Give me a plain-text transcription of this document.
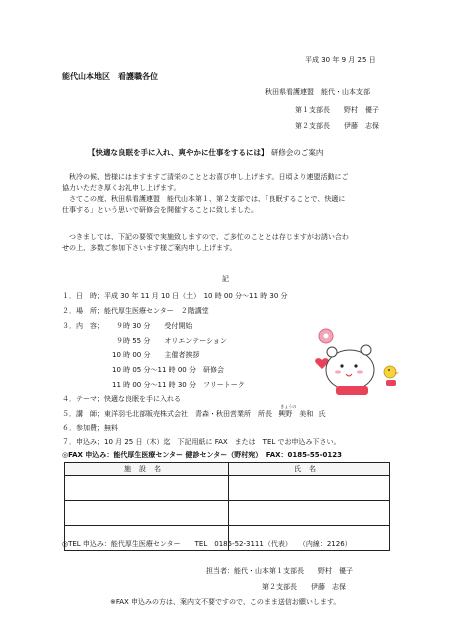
平成 30 年 9 月 25 日
能代山本地区　看護職各位
秋田県看護連盟　能代・山本支部
第１支部長　　野村　優子
第２支部長　　伊藤　志保
【快適な良眠を手に入れ、爽やかに仕事をするには】 研修会のご案内
秋冷の候、皆様にはますますご清栄のこととお喜び申し上げます。日頃より連盟活動にご
協力いただき厚くお礼申し上げます。
さてこの度、秋田県看護連盟　能代山本第１、第２支部では、「良眠することで、快適に
仕事する」という思いで研修会を開催することに致しました。
つきましては、下記の要領で実施致しますので、ご多忙のこととは存じますがお誘い合わ
せの上、多数ご参加下さいます様ご案内申し上げます。
記
１．日　時；平成 30 年 11 月 10 日（土）　10 時 00 分～11 時 30 分
２．場　所；能代厚生医療センター　２階講堂
３．内　容； ９時 30 分　　受付開始
９時 55 分　　オリエンテーション
10 時 00 分　　主催者挨拶
10 時 05 分～11 時 00 分　研修会
11 時 00 分～11 時 30 分　フリートーク
４．テーマ；快適な良眠を手に入れる
５．講　師；東洋羽毛北部販売株式会社　青森・秋田営業所　所長
きょうの
興野　美和 氏
６．参加費；無料
７．申込み；10 月 25 日（木）迄　下記用紙に FAX　または　TEL でお申込み下さい。
◎FAX 申込み：能代厚生医療センター 健診センター（野村宛）　FAX：0185-55-0123
施設名	氏名

◎TEL 申込み：能代厚生医療センター　　TEL　0185-52-3111（代表）　　（内線：2126）
担当者：能代・山本第１支部長　　野村　優子
第２支部長　　伊藤　志保
※FAX 申込みの方は、案内文不要ですので、このまま送信お願いします。
